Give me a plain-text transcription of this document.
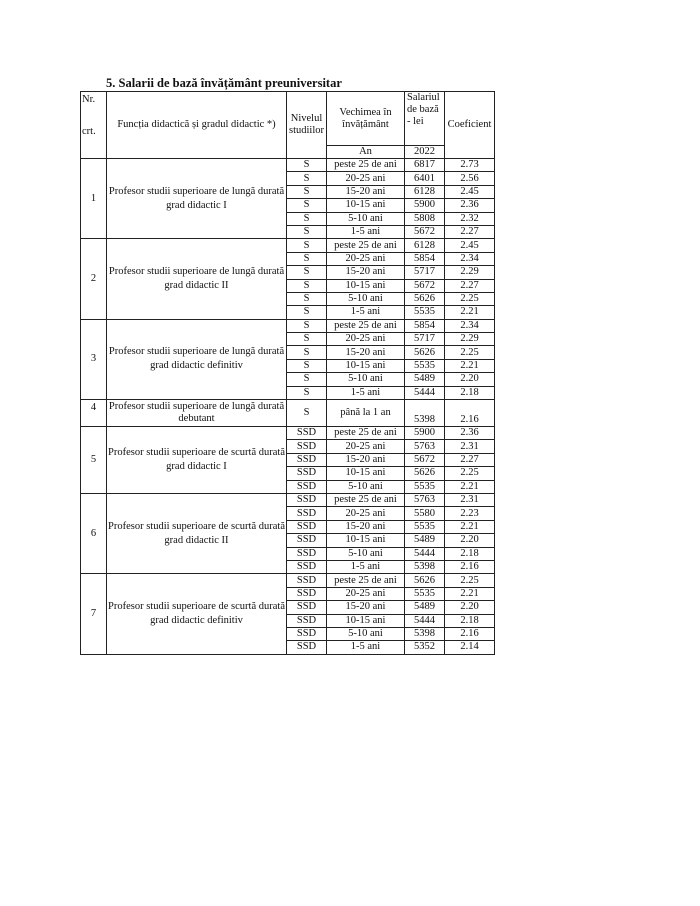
5. Salarii de bază învățământ preuniversitar
Nr.
crt.	Funcția didactică și gradul didactic *)	Nivelul studiilor	Vechimea în învățământ	Salariul de bază - lei	Coeficient
			An	2022	
1	Profesor studii superioare de lungă durată grad didactic I	S	peste 25 de ani	6817	2.73
		S	20-25 ani	6401	2.56
		S	15-20 ani	6128	2.45
		S	10-15 ani	5900	2.36
		S	5-10 ani	5808	2.32
		S	1-5 ani	5672	2.27
2	Profesor studii superioare de lungă durată grad didactic II	S	peste 25 de ani	6128	2.45
		S	20-25 ani	5854	2.34
		S	15-20 ani	5717	2.29
		S	10-15 ani	5672	2.27
		S	5-10 ani	5626	2.25
		S	1-5 ani	5535	2.21
3	Profesor studii superioare de lungă durată grad didactic definitiv	S	peste 25 de ani	5854	2.34
		S	20-25 ani	5717	2.29
		S	15-20 ani	5626	2.25
		S	10-15 ani	5535	2.21
		S	5-10 ani	5489	2.20
		S	1-5 ani	5444	2.18
4	Profesor studii superioare de lungă durată debutant	S	până la 1 an	5398	2.16
5	Profesor studii superioare de scurtă durată grad didactic I	SSD	peste 25 de ani	5900	2.36
		SSD	20-25 ani	5763	2.31
		SSD	15-20 ani	5672	2.27
		SSD	10-15 ani	5626	2.25
		SSD	5-10 ani	5535	2.21
6	Profesor studii superioare de scurtă durată grad didactic II	SSD	peste 25 de ani	5763	2.31
		SSD	20-25 ani	5580	2.23
		SSD	15-20 ani	5535	2.21
		SSD	10-15 ani	5489	2.20
		SSD	5-10 ani	5444	2.18
		SSD	1-5 ani	5398	2.16
7	Profesor studii superioare de scurtă durată grad didactic definitiv	SSD	peste 25 de ani	5626	2.25
		SSD	20-25 ani	5535	2.21
		SSD	15-20 ani	5489	2.20
		SSD	10-15 ani	5444	2.18
		SSD	5-10 ani	5398	2.16
		SSD	1-5 ani	5352	2.14
